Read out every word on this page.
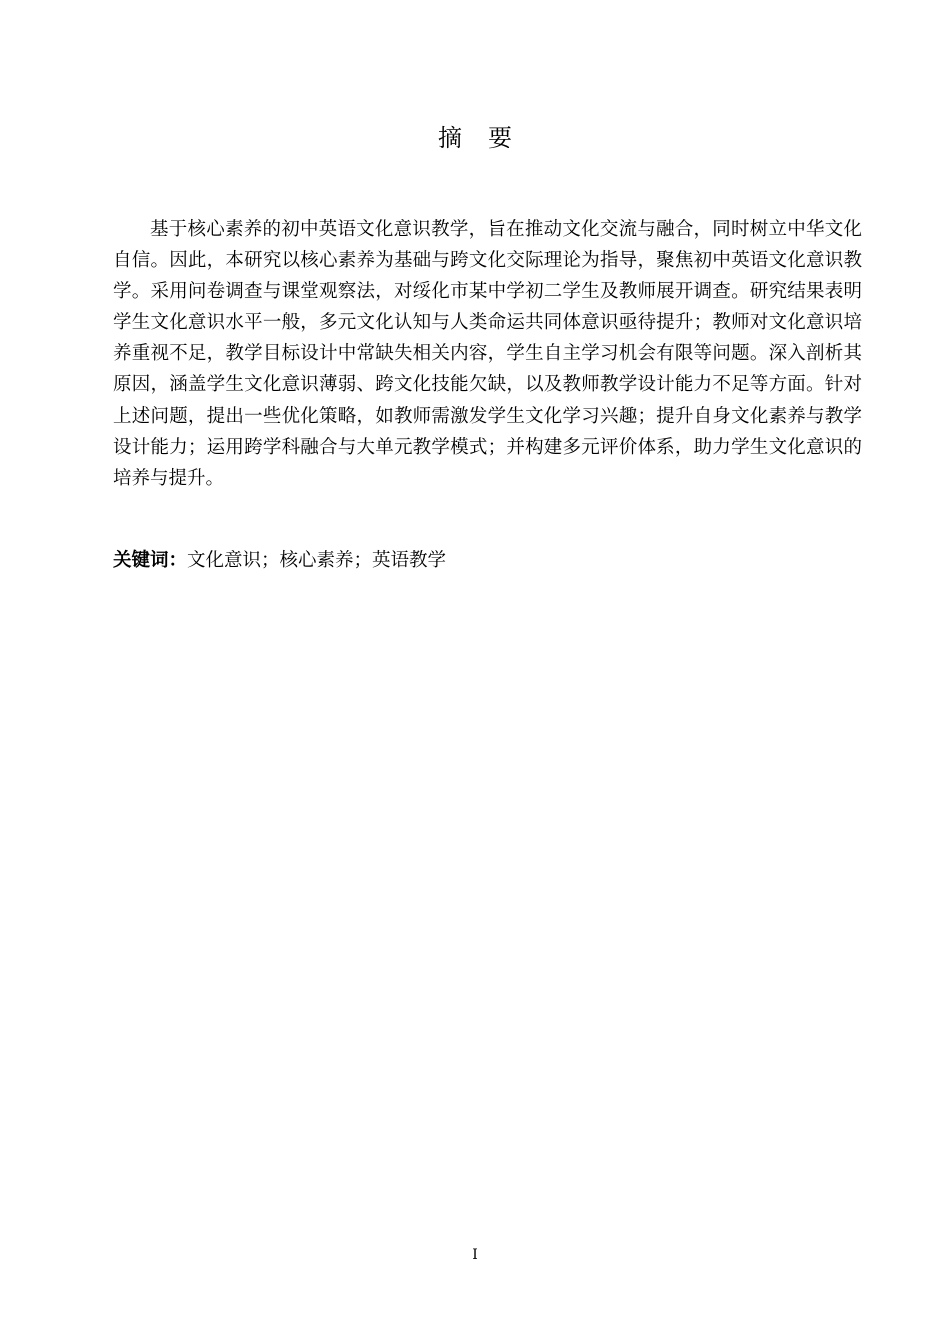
摘要

基于核心素养的初中英语文化意识教学，旨在推动文化交流与融合，同时树立中华文化自信。因此，本研究以核心素养为基础与跨文化交际理论为指导，聚焦初中英语文化意识教学。采用问卷调查与课堂观察法，对绥化市某中学初二学生及教师展开调查。研究结果表明学生文化意识水平一般，多元文化认知与人类命运共同体意识亟待提升；教师对文化意识培养重视不足，教学目标设计中常缺失相关内容，学生自主学习机会有限等问题。深入剖析其原因，涵盖学生文化意识薄弱、跨文化技能欠缺，以及教师教学设计能力不足等方面。针对上述问题，提出一些优化策略，如教师需激发学生文化学习兴趣；提升自身文化素养与教学设计能力；运用跨学科融合与大单元教学模式；并构建多元评价体系，助力学生文化意识的培养与提升。

关键词：文化意识；核心素养；英语教学

I
